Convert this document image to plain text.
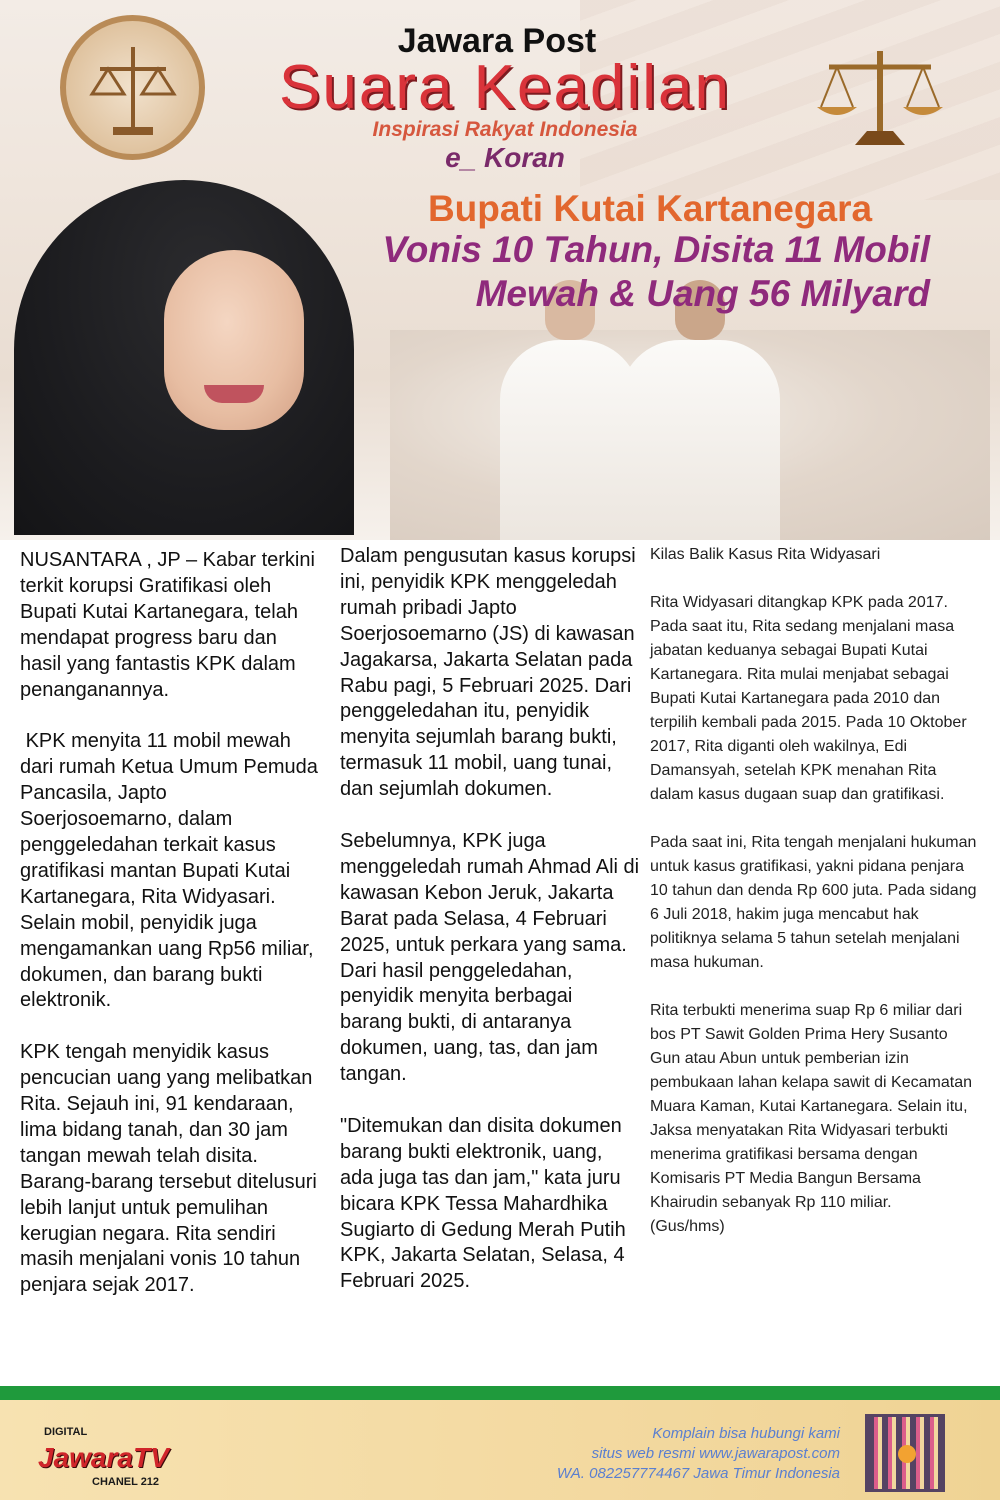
Jawara Post
Suara Keadilan
Inspirasi Rakyat Indonesia
e_ Koran
Bupati Kutai Kartanegara
Vonis 10 Tahun, Disita 11 Mobil
Mewah & Uang 56 Milyard
NUSANTARA , JP – Kabar terkini terkit korupsi Gratifikasi oleh Bupati Kutai Kartanegara, telah mendapat progress baru dan hasil yang fantastis KPK dalam penanganannya.

KPK menyita 11 mobil mewah dari rumah Ketua Umum Pemuda Pancasila, Japto Soerjosoemarno, dalam penggeledahan terkait kasus gratifikasi mantan Bupati Kutai Kartanegara, Rita Widyasari. Selain mobil, penyidik juga mengamankan uang Rp56 miliar, dokumen, dan barang bukti elektronik.

KPK tengah menyidik kasus pencucian uang yang melibatkan Rita. Sejauh ini, 91 kendaraan, lima bidang tanah, dan 30 jam tangan mewah telah disita. Barang-barang tersebut ditelusuri lebih lanjut untuk pemulihan kerugian negara. Rita sendiri masih menjalani vonis 10 tahun penjara sejak 2017.
Dalam pengusutan kasus korupsi ini, penyidik KPK menggeledah rumah pribadi Japto Soerjosoemarno (JS) di kawasan Jagakarsa, Jakarta Selatan pada Rabu pagi, 5 Februari 2025. Dari penggeledahan itu, penyidik menyita sejumlah barang bukti, termasuk 11 mobil, uang tunai, dan sejumlah dokumen.

Sebelumnya, KPK juga menggeledah rumah Ahmad Ali di kawasan Kebon Jeruk, Jakarta Barat pada Selasa, 4 Februari 2025, untuk perkara yang sama. Dari hasil penggeledahan, penyidik menyita berbagai barang bukti, di antaranya dokumen, uang, tas, dan jam tangan.

"Ditemukan dan disita dokumen barang bukti elektronik, uang, ada juga tas dan jam," kata juru bicara KPK Tessa Mahardhika Sugiarto di Gedung Merah Putih KPK, Jakarta Selatan, Selasa, 4 Februari 2025.
Kilas Balik Kasus Rita Widyasari

Rita Widyasari ditangkap KPK pada 2017. Pada saat itu, Rita sedang menjalani masa jabatan keduanya sebagai Bupati Kutai Kartanegara. Rita mulai menjabat sebagai Bupati Kutai Kartanegara pada 2010 dan terpilih kembali pada 2015. Pada 10 Oktober 2017, Rita diganti oleh wakilnya, Edi Damansyah, setelah KPK menahan Rita dalam kasus dugaan suap dan gratifikasi.

Pada saat ini, Rita tengah menjalani hukuman untuk kasus gratifikasi, yakni pidana penjara 10 tahun dan denda Rp 600 juta. Pada sidang 6 Juli 2018, hakim juga mencabut hak politiknya selama 5 tahun setelah menjalani masa hukuman.

Rita terbukti menerima suap Rp 6 miliar dari bos PT Sawit Golden Prima Hery Susanto Gun atau Abun untuk pemberian izin pembukaan lahan kelapa sawit di Kecamatan Muara Kaman, Kutai Kartanegara. Selain itu, Jaksa menyatakan Rita Widyasari terbukti menerima gratifikasi bersama dengan Komisaris PT Media Bangun Bersama Khairudin sebanyak Rp 110 miliar.
(Gus/hms)
DIGITAL
JawaraTV
CHANEL 212
Komplain bisa hubungi kami
situs web resmi www.jawarapost.com
WA. 082257774467 Jawa Timur Indonesia
